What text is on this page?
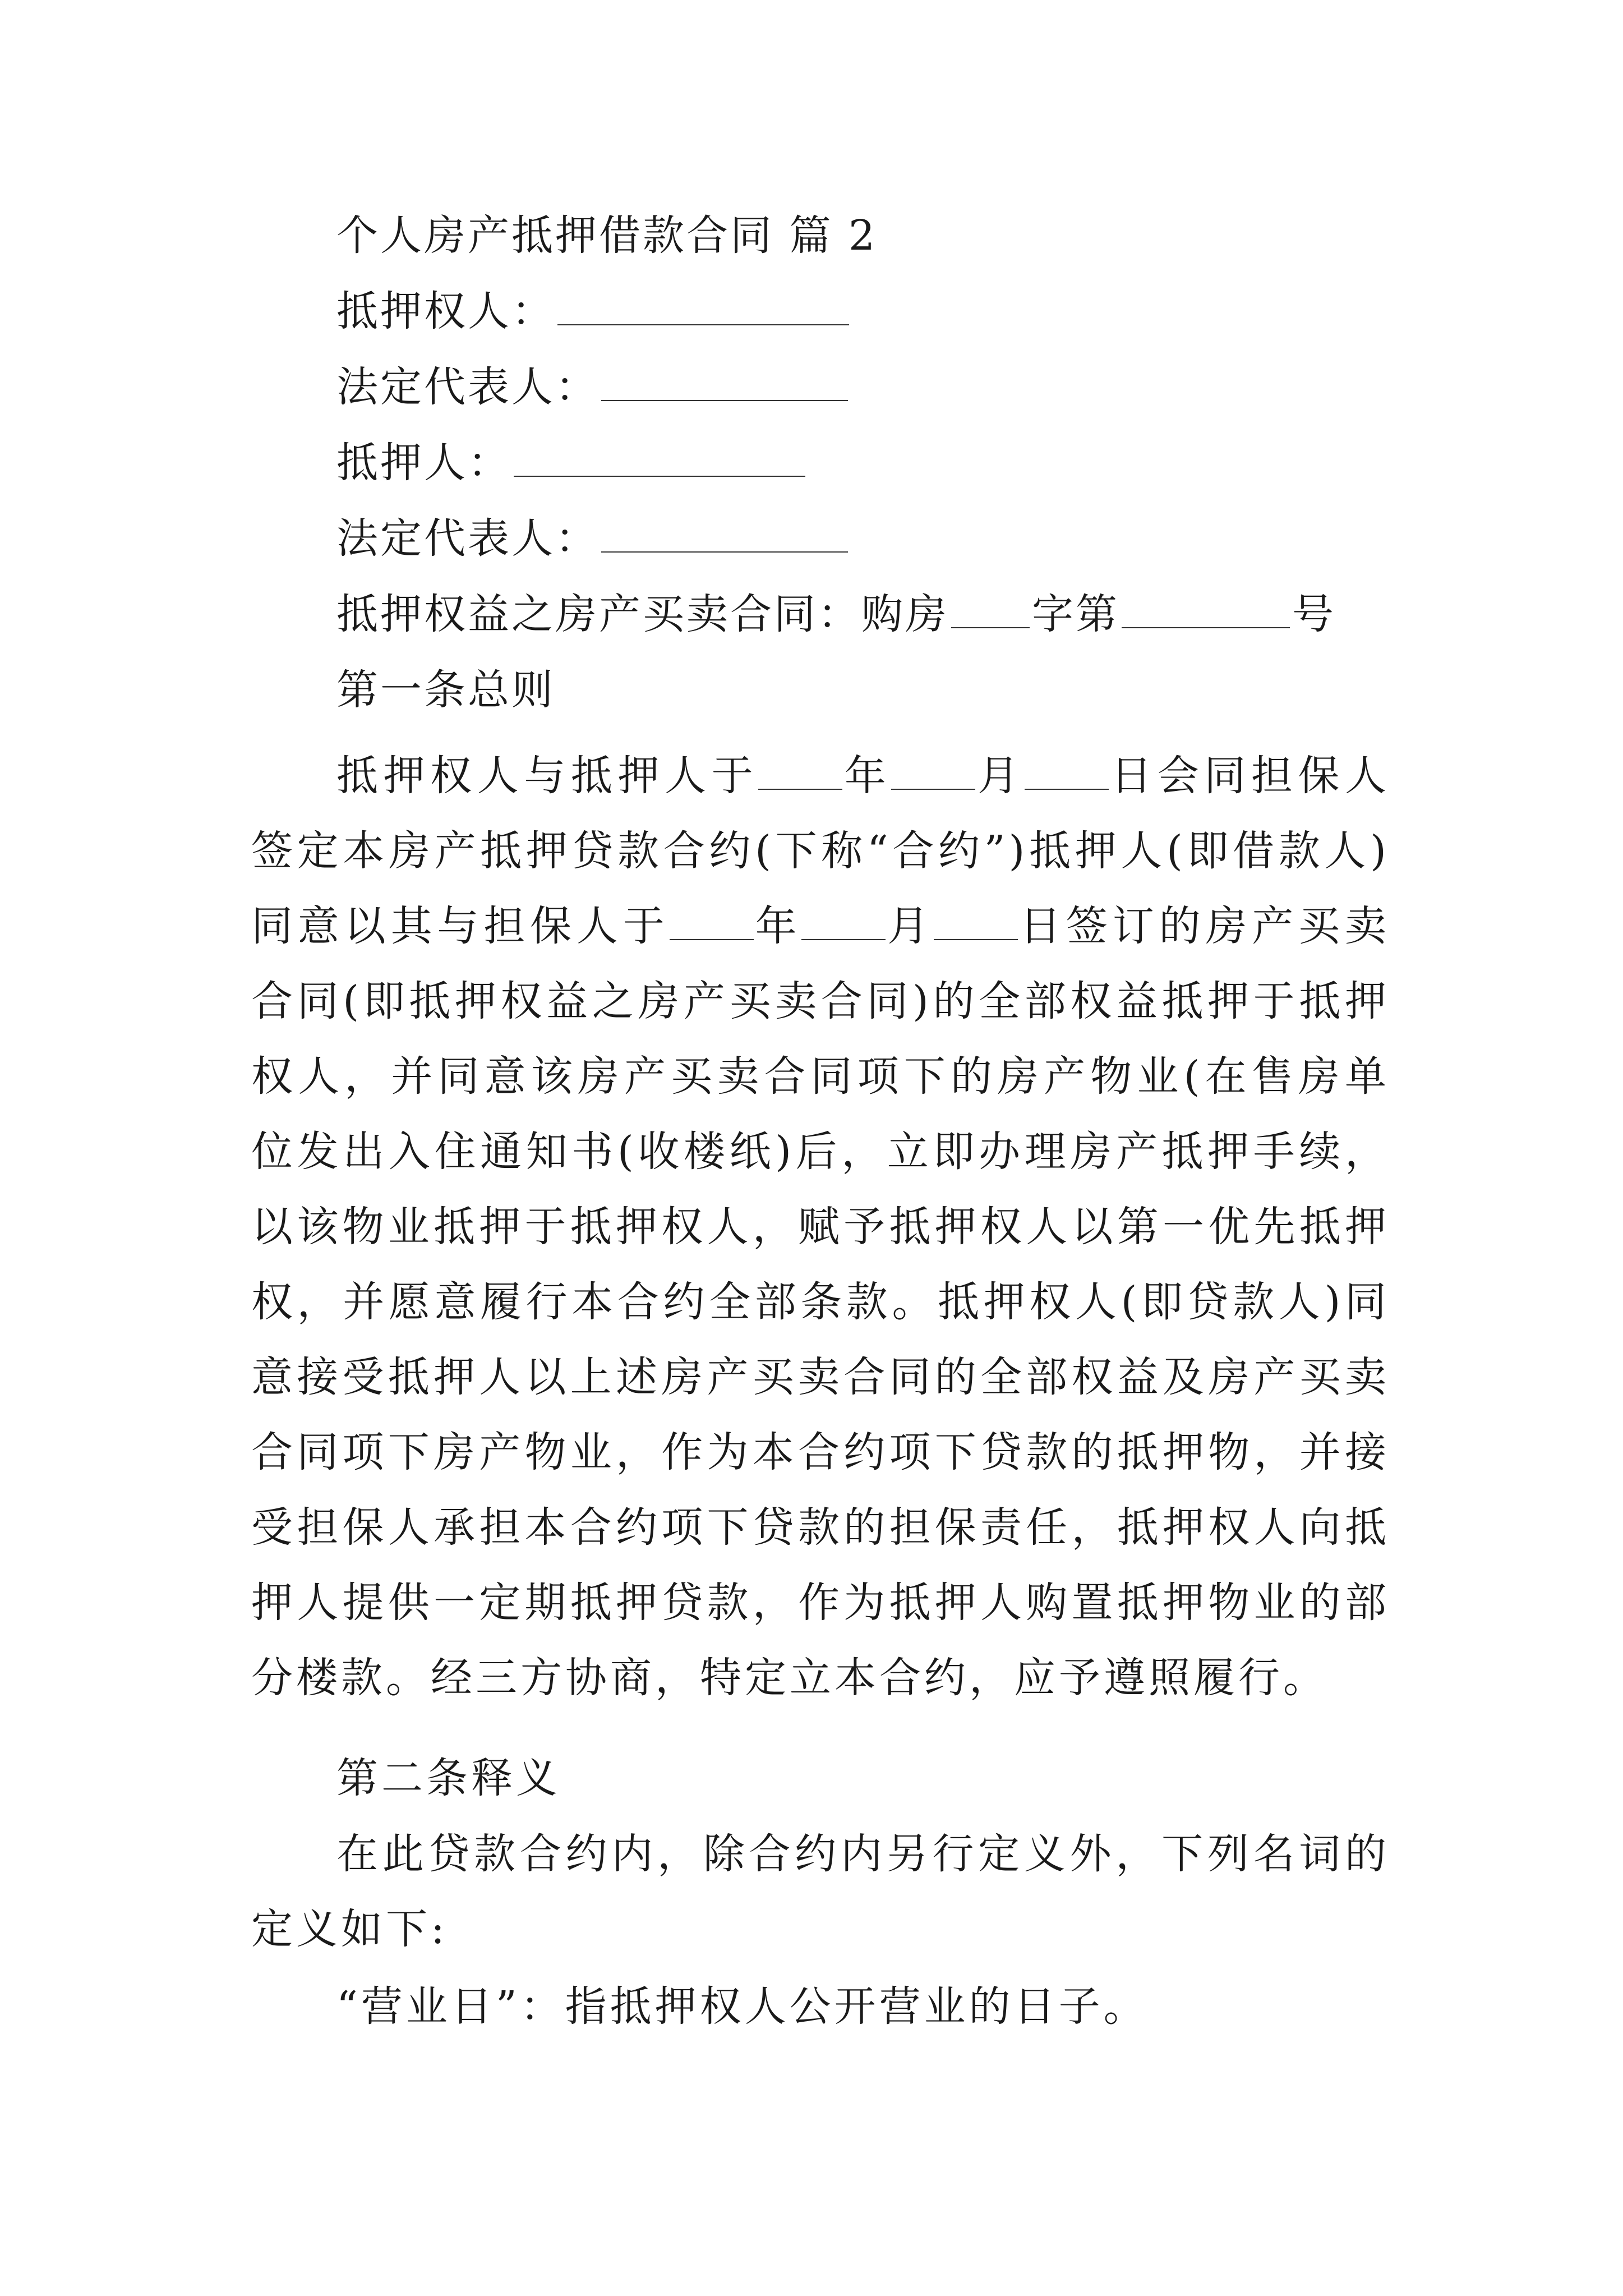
个人房产抵押借款合同 篇 2
抵押权人：
法定代表人：
抵押人：
法定代表人：
抵押权益之房产买卖合同：购房 字第	号
第一条总则

抵押权人与抵押人于 年 月 日会同担保人签定本房产抵押贷款合约(下称“合约”)抵押人(即借款人)同意以其与担保人于 年 月 日签订的房产买卖合同(即抵押权益之房产买卖合同)的全部权益抵押于抵押权人，并同意该房产买卖合同项下的房产物业(在售房单位发出入住通知书(收楼纸)后，立即办理房产抵押手续，以该物业抵押于抵押权人，赋予抵押权人以第一优先抵押权，并愿意履行本合约全部条款。抵押权人(即贷款人)同意接受抵押人以上述房产买卖合同的全部权益及房产买卖合同项下房产物业，作为本合约项下贷款的抵押物，并接受担保人承担本合约项下贷款的担保责任，抵押权人向抵押人提供一定期抵押贷款，作为抵押人购置抵押物业的部分楼款。经三方协商，特定立本合约，应予遵照履行。

第二条释义

在此贷款合约内，除合约内另行定义外，下列名词的定义如下:

“营业日”：指抵押权人公开营业的日子。
